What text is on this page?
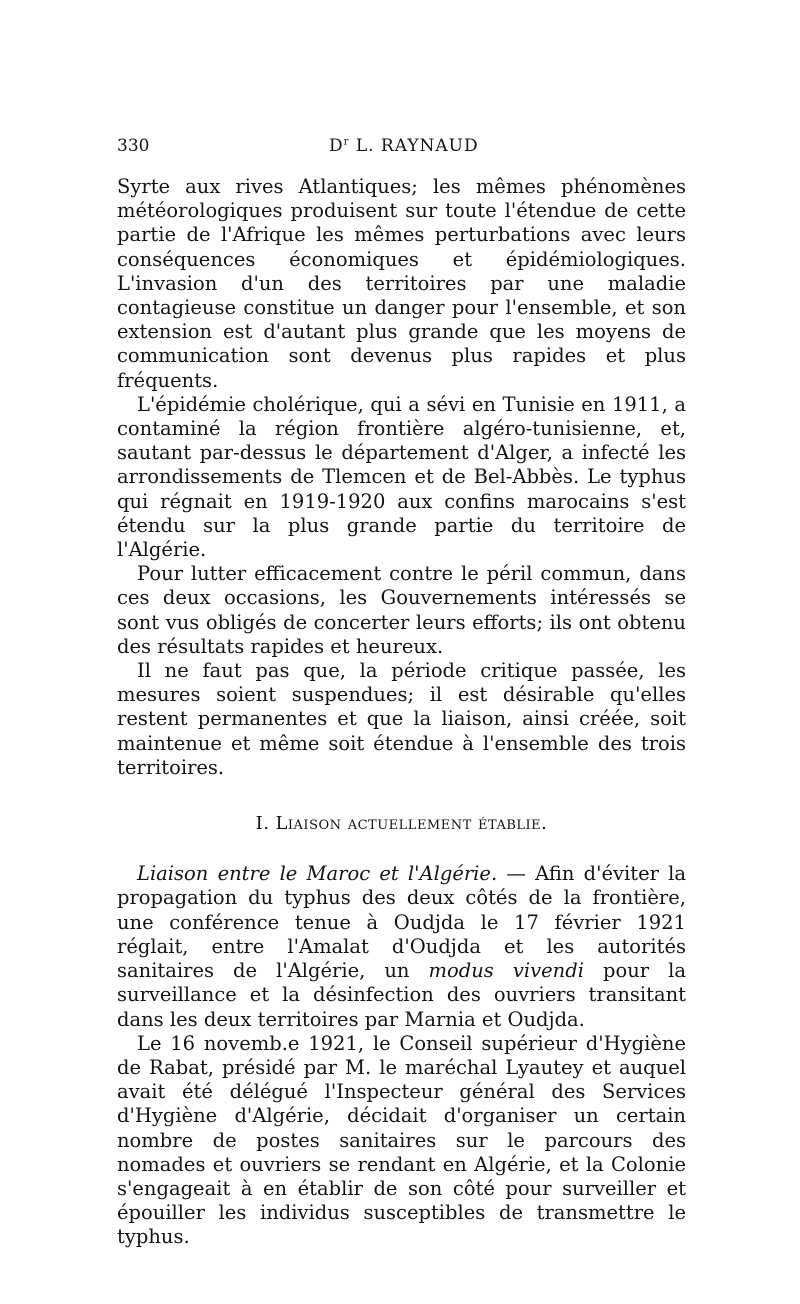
330	$D^r$ L. RAYNAUD

Syrte aux rives Atlantiques; les mêmes phénomènes météorologiques produisent sur toute l'étendue de cette partie de l'Afrique les mêmes perturbations avec leurs conséquences économiques et épidémiologiques. L'invasion d'un des territoires par une maladie contagieuse constitue un danger pour l'ensemble, et son extension est d'autant plus grande que les moyens de communication sont devenus plus rapides et plus fréquents.

L'épidémie cholérique, qui a sévi en Tunisie en 1911, a contaminé la région frontière algéro-tunisienne, et, sautant par-dessus le département d'Alger, a infecté les arrondissements de Tlemcen et de Bel-Abbès. Le typhus qui régnait en 1919-1920 aux confins marocains s'est étendu sur la plus grande partie du territoire de l'Algérie.

Pour lutter efficacement contre le péril commun, dans ces deux occasions, les Gouvernements intéressés se sont vus obligés de concerter leurs efforts; ils ont obtenu des résultats rapides et heureux.

Il ne faut pas que, la période critique passée, les mesures soient suspendues; il est désirable qu'elles restent permanentes et que la liaison, ainsi créée, soit maintenue et même soit étendue à l'ensemble des trois territoires.

I. Liaison actuellement établie.

Liaison entre le Maroc et l'Algérie. — Afin d'éviter la propagation du typhus des deux côtés de la frontière, une conférence tenue à Oudjda le 17 février 1921 réglait, entre l'Amalat d'Oudjda et les autorités sanitaires de l'Algérie, un modus vivendi pour la surveillance et la désinfection des ouvriers transitant dans les deux territoires par Marnia et Oudjda.

Le 16 novemb.e 1921, le Conseil supérieur d'Hygiène de Rabat, présidé par M. le maréchal Lyautey et auquel avait été délégué l'Inspecteur général des Services d'Hygiène d'Algérie, décidait d'organiser un certain nombre de postes sanitaires sur le parcours des nomades et ouvriers se rendant en Algérie, et la Colonie s'engageait à en établir de son côté pour surveiller et épouiller les individus susceptibles de transmettre le typhus.
